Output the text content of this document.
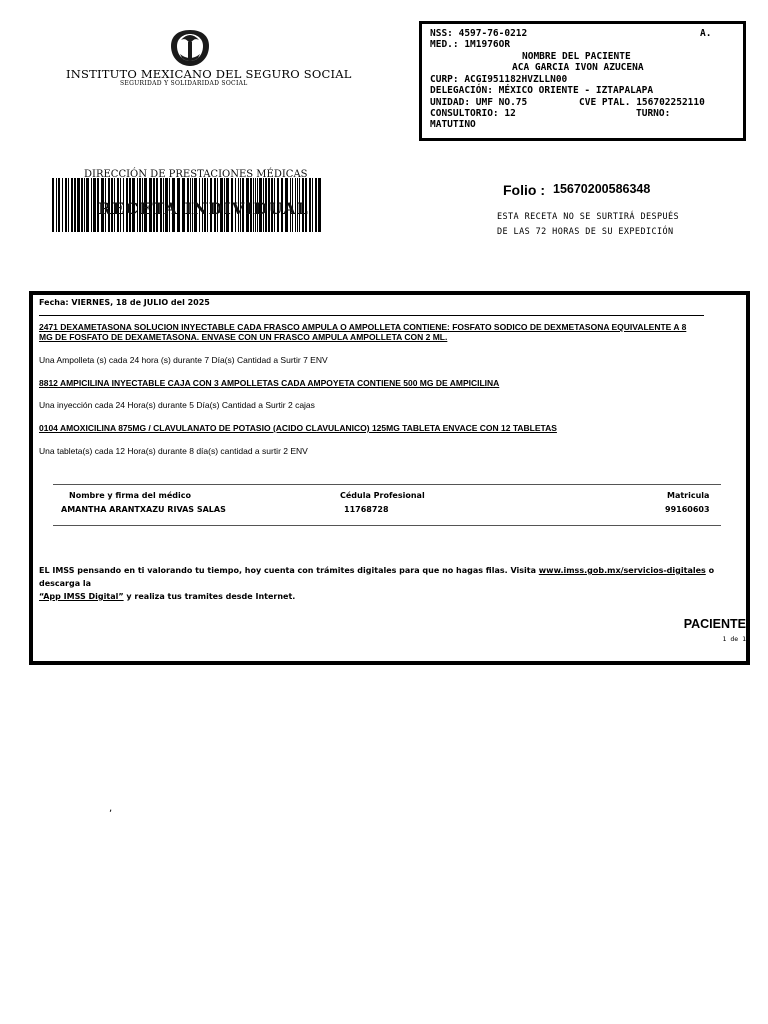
INSTITUTO MEXICANO DEL SEGURO SOCIAL
SEGURIDAD Y SOLIDARIDAD SOCIAL
NSS: 4597-76-0212	A.
MED.: 1M1976OR
NOMBRE DEL PACIENTE
ACA GARCIA IVON AZUCENA
CURP: ACGI951182HVZLLN00
DELEGACIÓN: MÉXICO ORIENTE - IZTAPALAPA
UNIDAD: UMF NO.75	CVE PTAL. 156702252110
CONSULTORIO: 12	TURNO:
MATUTINO
DIRECCIÓN DE PRESTACIONES MÉDICAS
RECETA INDIVIDUAL
Folio : 15670200586348
ESTA RECETA NO SE SURTIRÁ DESPUÉS
DE LAS 72 HORAS DE SU EXPEDICIÓN
Fecha: VIERNES, 18 de JULIO del 2025
2471 DEXAMETASONA SOLUCION INYECTABLE CADA FRASCO AMPULA O AMPOLLETA CONTIENE: FOSFATO SODICO DE DEXMETASONA EQUIVALENTE A 8
MG DE FOSFATO DE DEXAMETASONA. ENVASE CON UN FRASCO AMPULA AMPOLLETA CON 2 ML.
Una Ampolleta (s) cada 24 hora (s) durante 7 Día(s) Cantidad a Surtir 7 ENV
8812 AMPICILINA INYECTABLE CAJA CON 3 AMPOLLETAS CADA AMPOYETA CONTIENE 500 MG DE AMPICILINA
Una inyección cada 24 Hora(s) durante 5 Día(s) Cantidad a Surtir 2 cajas
0104 AMOXICILINA 875MG / CLAVULANATO DE POTASIO (ACIDO CLAVULANICO) 125MG TABLETA ENVACE CON 12 TABLETAS
Una tableta(s) cada 12 Hora(s) durante 8 día(s) cantidad a surtir 2 ENV
Nombre y firma del médico	Cédula Profesional	Matricula
AMANTHA ARANTXAZU RIVAS SALAS	11768728	99160603
EL IMSS pensando en ti valorando tu tiempo, hoy cuenta con trámites digitales para que no hagas filas. Visita www.imss.gob.mx/servicios-digitales o descarga la
“App IMSS Digital” y realiza tus tramites desde Internet.
PACIENTE
1 de 1
,
